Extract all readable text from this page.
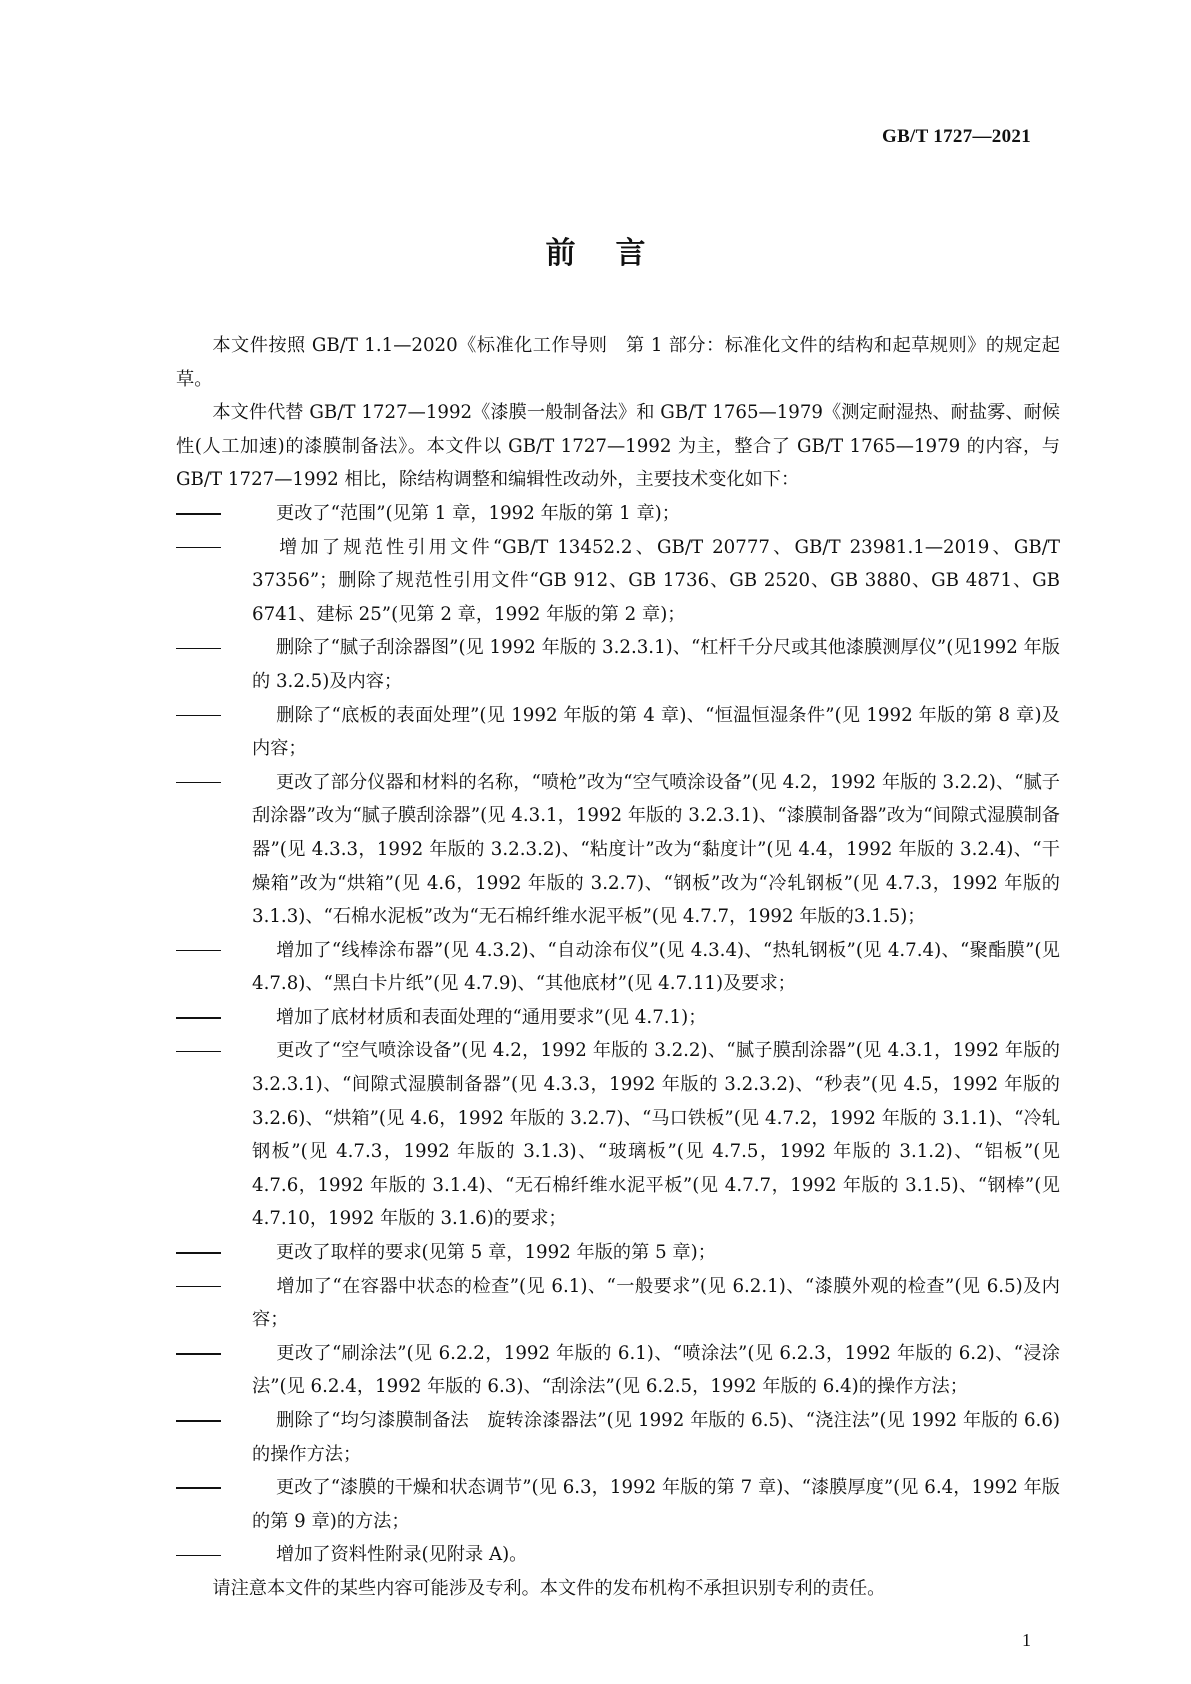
GB/T 1727—2021
前言

本文件按照 GB/T 1.1—2020《标准化工作导则　第 1 部分：标准化文件的结构和起草规则》的规定起草。

本文件代替 GB/T 1727—1992《漆膜一般制备法》和 GB/T 1765—1979《测定耐湿热、耐盐雾、耐候性(人工加速)的漆膜制备法》。本文件以 GB/T 1727—1992 为主，整合了 GB/T 1765—1979 的内容，与 GB/T 1727—1992 相比，除结构调整和编辑性改动外，主要技术变化如下：

更改了“范围”(见第 1 章，1992 年版的第 1 章)；
增加了规范性引用文件“GB/T 13452.2、GB/T 20777、GB/T 23981.1—2019、GB/T 37356”；删除了规范性引用文件“GB 912、GB 1736、GB 2520、GB 3880、GB 4871、GB 6741、建标 25”(见第 2 章，1992 年版的第 2 章)；
删除了“腻子刮涂器图”(见 1992 年版的 3.2.3.1)、“杠杆千分尺或其他漆膜测厚仪”(见1992 年版的 3.2.5)及内容；
删除了“底板的表面处理”(见 1992 年版的第 4 章)、“恒温恒湿条件”(见 1992 年版的第 8 章)及内容；
更改了部分仪器和材料的名称，“喷枪”改为“空气喷涂设备”(见 4.2，1992 年版的 3.2.2)、“腻子刮涂器”改为“腻子膜刮涂器”(见 4.3.1，1992 年版的 3.2.3.1)、“漆膜制备器”改为“间隙式湿膜制备器”(见 4.3.3，1992 年版的 3.2.3.2)、“粘度计”改为“黏度计”(见 4.4，1992 年版的 3.2.4)、“干燥箱”改为“烘箱”(见 4.6，1992 年版的 3.2.7)、“钢板”改为“冷轧钢板”(见 4.7.3，1992 年版的 3.1.3)、“石棉水泥板”改为“无石棉纤维水泥平板”(见 4.7.7，1992 年版的3.1.5)；
增加了“线棒涂布器”(见 4.3.2)、“自动涂布仪”(见 4.3.4)、“热轧钢板”(见 4.7.4)、“聚酯膜”(见 4.7.8)、“黑白卡片纸”(见 4.7.9)、“其他底材”(见 4.7.11)及要求；
增加了底材材质和表面处理的“通用要求”(见 4.7.1)；
更改了“空气喷涂设备”(见 4.2，1992 年版的 3.2.2)、“腻子膜刮涂器”(见 4.3.1，1992 年版的 3.2.3.1)、“间隙式湿膜制备器”(见 4.3.3，1992 年版的 3.2.3.2)、“秒表”(见 4.5，1992 年版的 3.2.6)、“烘箱”(见 4.6，1992 年版的 3.2.7)、“马口铁板”(见 4.7.2，1992 年版的 3.1.1)、“冷轧钢板”(见 4.7.3，1992 年版的 3.1.3)、“玻璃板”(见 4.7.5，1992 年版的 3.1.2)、“铝板”(见 4.7.6，1992 年版的 3.1.4)、“无石棉纤维水泥平板”(见 4.7.7，1992 年版的 3.1.5)、“钢棒”(见 4.7.10，1992 年版的 3.1.6)的要求；
更改了取样的要求(见第 5 章，1992 年版的第 5 章)；
增加了“在容器中状态的检查”(见 6.1)、“一般要求”(见 6.2.1)、“漆膜外观的检查”(见 6.5)及内容；
更改了“刷涂法”(见 6.2.2，1992 年版的 6.1)、“喷涂法”(见 6.2.3，1992 年版的 6.2)、“浸涂法”(见 6.2.4，1992 年版的 6.3)、“刮涂法”(见 6.2.5，1992 年版的 6.4)的操作方法；
删除了“均匀漆膜制备法　旋转涂漆器法”(见 1992 年版的 6.5)、“浇注法”(见 1992 年版的 6.6)的操作方法；
更改了“漆膜的干燥和状态调节”(见 6.3，1992 年版的第 7 章)、“漆膜厚度”(见 6.4，1992 年版的第 9 章)的方法；
增加了资料性附录(见附录 A)。

请注意本文件的某些内容可能涉及专利。本文件的发布机构不承担识别专利的责任。

1
